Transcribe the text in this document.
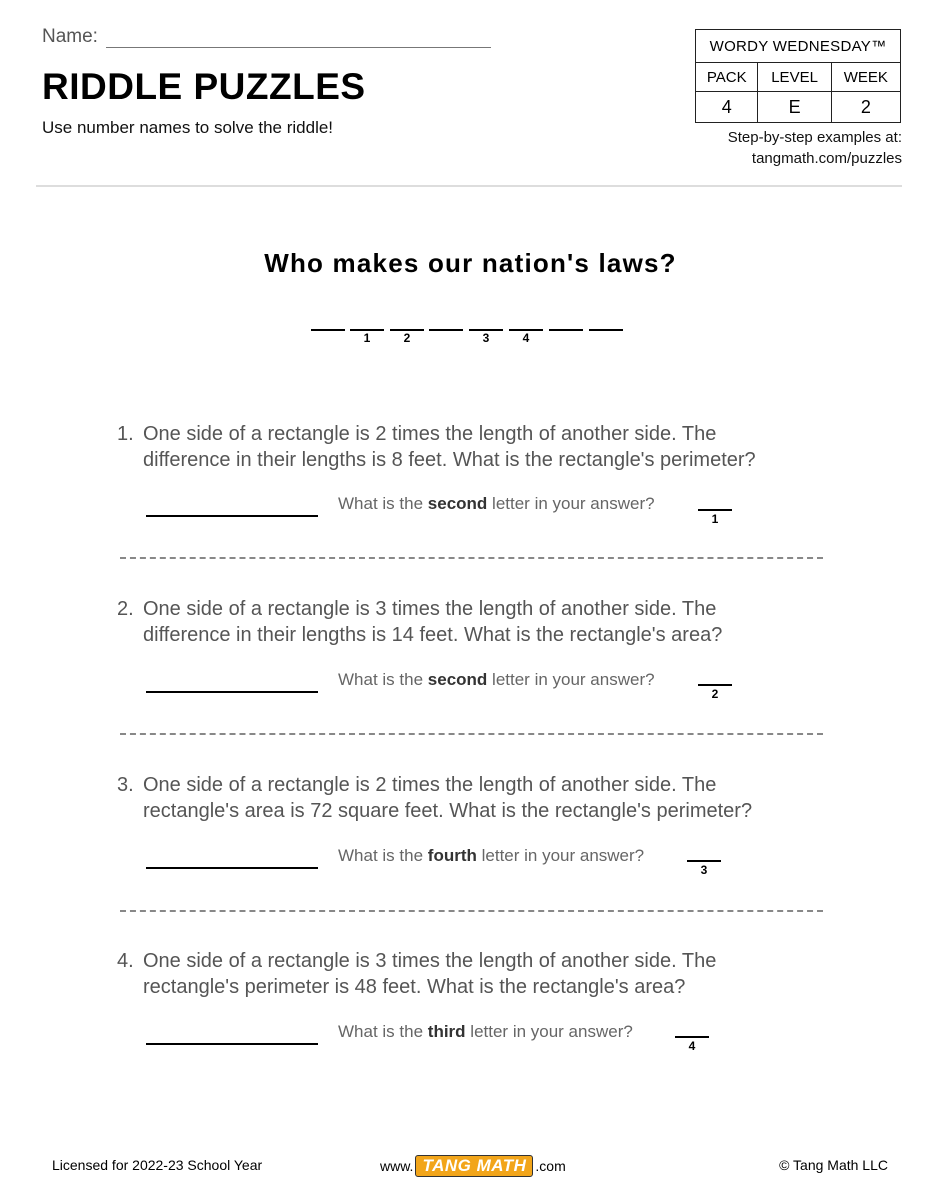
Name:
RIDDLE PUZZLES
Use number names to solve the riddle!
WORDY WEDNESDAY™		
PACK	LEVEL	WEEK
4	E	2
Step-by-step examples at:
tangmath.com/puzzles
Who makes our nation's laws?
1	2	3	4
1. One side of a rectangle is 2 times the length of another side. The
difference in their lengths is 8 feet. What is the rectangle's perimeter?
What is the second letter in your answer?
1
2. One side of a rectangle is 3 times the length of another side. The
difference in their lengths is 14 feet. What is the rectangle's area?
What is the second letter in your answer?
2
3. One side of a rectangle is 2 times the length of another side. The
rectangle's area is 72 square feet. What is the rectangle's perimeter?
What is the fourth letter in your answer?
3
4. One side of a rectangle is 3 times the length of another side. The
rectangle's perimeter is 48 feet. What is the rectangle's area?
What is the third letter in your answer?
4
Licensed for 2022-23 School Year	www. TANG MATH .com	© Tang Math LLC
